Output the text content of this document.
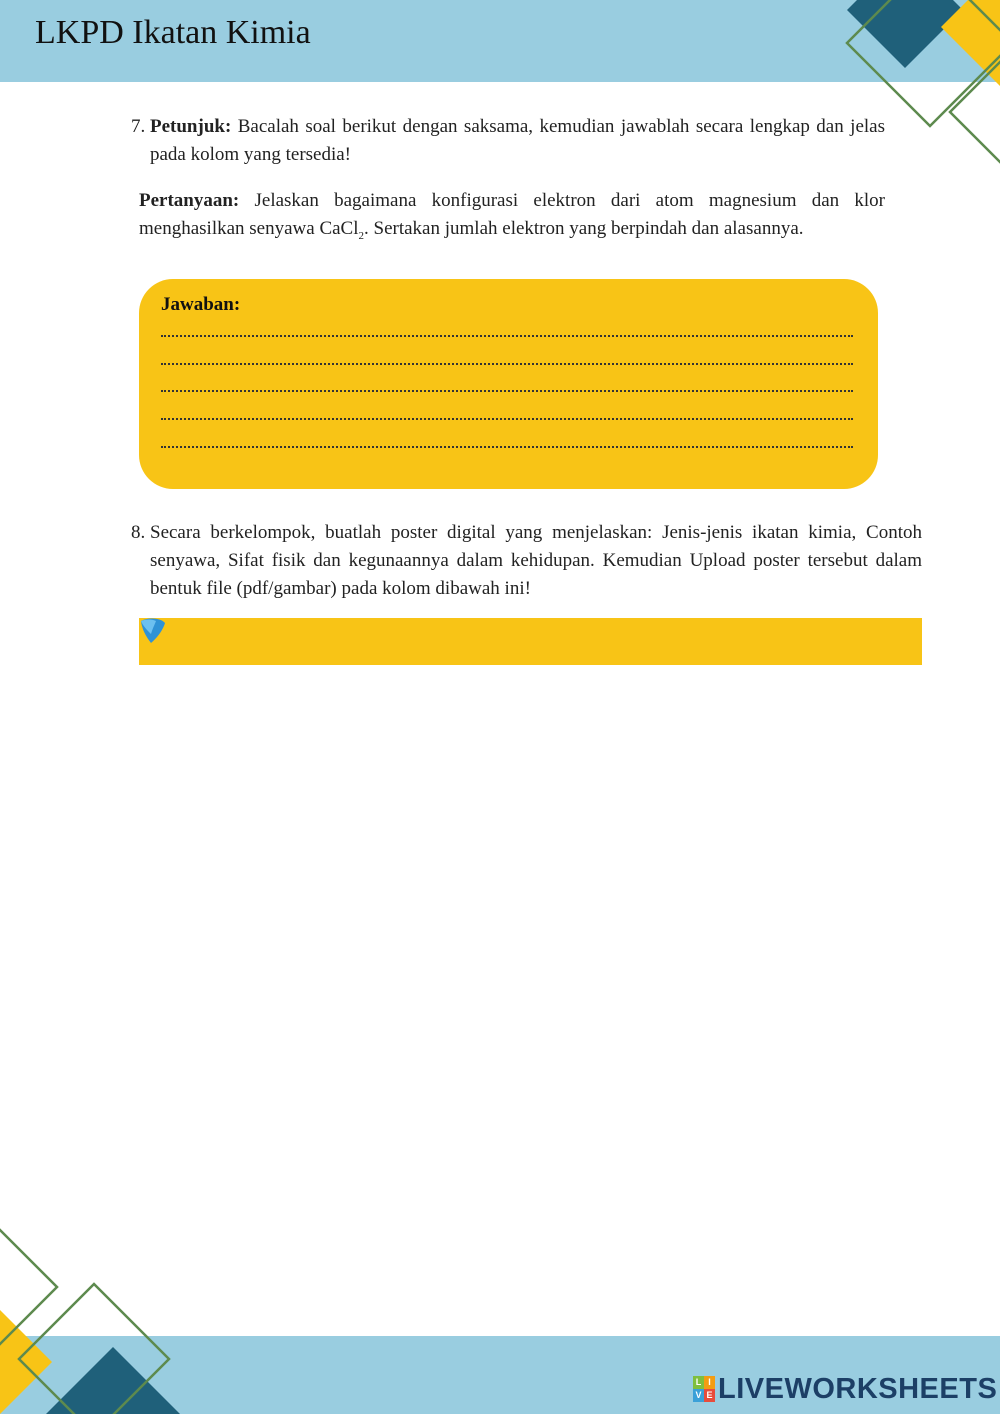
LKPD Ikatan Kimia
7. Petunjuk: Bacalah soal berikut dengan saksama, kemudian jawablah secara lengkap dan jelas pada kolom yang tersedia!
Pertanyaan: Jelaskan bagaimana konfigurasi elektron dari atom magnesium dan klor menghasilkan senyawa CaCl$_2$. Sertakan jumlah elektron yang berpindah dan alasannya.
Jawaban:
8. Secara berkelompok, buatlah poster digital yang menjelaskan: Jenis-jenis ikatan kimia, Contoh senyawa, Sifat fisik dan kegunaannya dalam kehidupan. Kemudian Upload poster tersebut dalam bentuk file (pdf/gambar) pada kolom dibawah ini!
L I
V E LIVEWORKSHEETS
